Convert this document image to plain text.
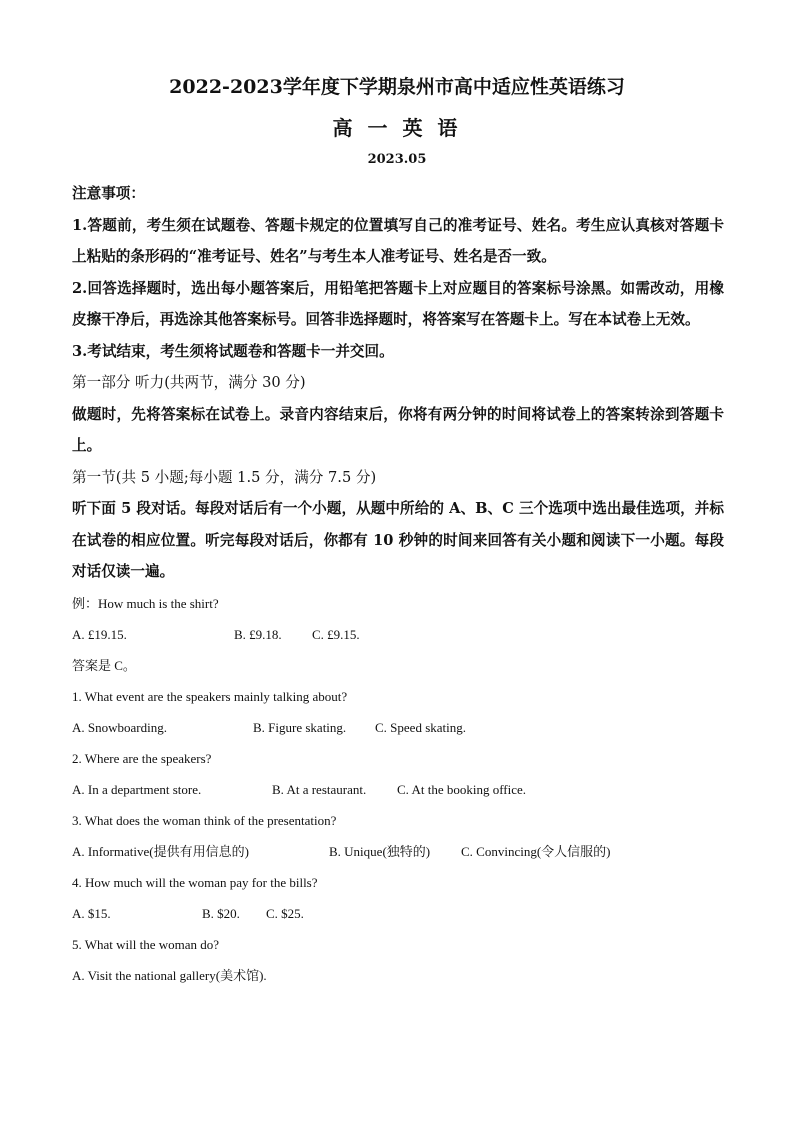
2022-2023学年度下学期泉州市高中适应性英语练习
高 一 英 语
2023.05

注意事项：

1.答题前，考生须在试题卷、答题卡规定的位置填写自己的准考证号、姓名。考生应认真核对答题卡上粘贴的条形码的“准考证号、姓名”与考生本人准考证号、姓名是否一致。

2.回答选择题时，选出每小题答案后，用铅笔把答题卡上对应题目的答案标号涂黑。如需改动，用橡皮擦干净后，再选涂其他答案标号。回答非选择题时，将答案写在答题卡上。写在本试卷上无效。

3.考试结束，考生须将试题卷和答题卡一并交回。

第一部分 听力(共两节，满分 30 分)

做题时，先将答案标在试卷上。录音内容结束后，你将有两分钟的时间将试卷上的答案转涂到答题卡上。

第一节(共 5 小题;每小题 1.5 分，满分 7.5 分)

听下面 5 段对话。每段对话后有一个小题，从题中所给的 A、B、C 三个选项中选出最佳选项，并标在试卷的相应位置。听完每段对话后，你都有 10 秒钟的时间来回答有关小题和阅读下一小题。每段对话仅读一遍。

例：How much is the shirt?

A. £19.15.	B. £9.18. C. £9.15.

答案是 C。

1. What event are the speakers mainly talking about?

A. Snowboarding.	B. Figure skating. C. Speed skating.

2. Where are the speakers?

A. In a department store.	B. At a restaurant. C. At the booking office.

3. What does the woman think of the presentation?

A. Informative(提供有用信息的)	B. Unique(独特的) C. Convincing(令人信服的)

4. How much will the woman pay for the bills?

A. $15.	B. $20. C. $25.

5. What will the woman do?

A. Visit the national gallery(美术馆).
